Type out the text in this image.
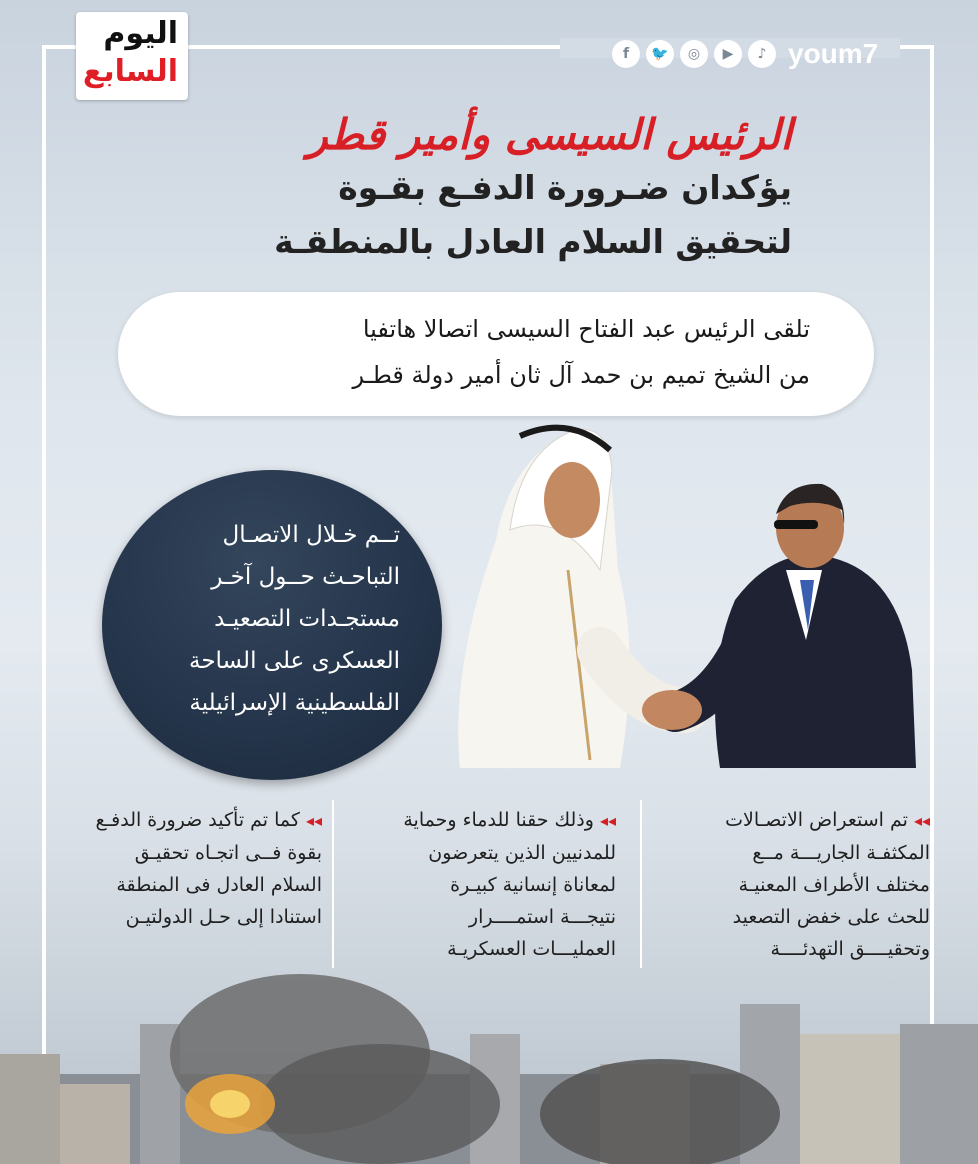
اليوم
السابع	f	🐦	◎	▶	♪ youm7
الرئيس السيسى وأمير قطر
يؤكدان ضـرورة الدفـع بقـوة
لتحقيق السلام العادل بالمنطقـة
تلقى الرئيس عبد الفتاح السيسى اتصالا هاتفيا
من الشيخ تميم بن حمد آل ثان أمير دولة قطـر
تــم خـلال الاتصـال
التباحـث حــول آخـر
مستجـدات التصعيـد
العسكرى على الساحة
الفلسطينية الإسرائيلية
◂◂تم استعراض الاتصـالات
المكثفـة الجاريـــة مــع
مختلف الأطراف المعنيـة
للحث على خفض التصعيد
وتحقيــــق التهدئــــة
◂◂وذلك حقنا للدماء وحماية
للمدنيين الذين يتعرضون
لمعاناة إنسانية كبيـرة
نتيجـــة استمــــرار
العمليـــات العسكريـة
◂◂كما تم تأكيد ضرورة الدفـع
بقوة فــى اتجـاه تحقيـق
السلام العادل فى المنطقة
استنادا إلى حـل الدولتيـن
